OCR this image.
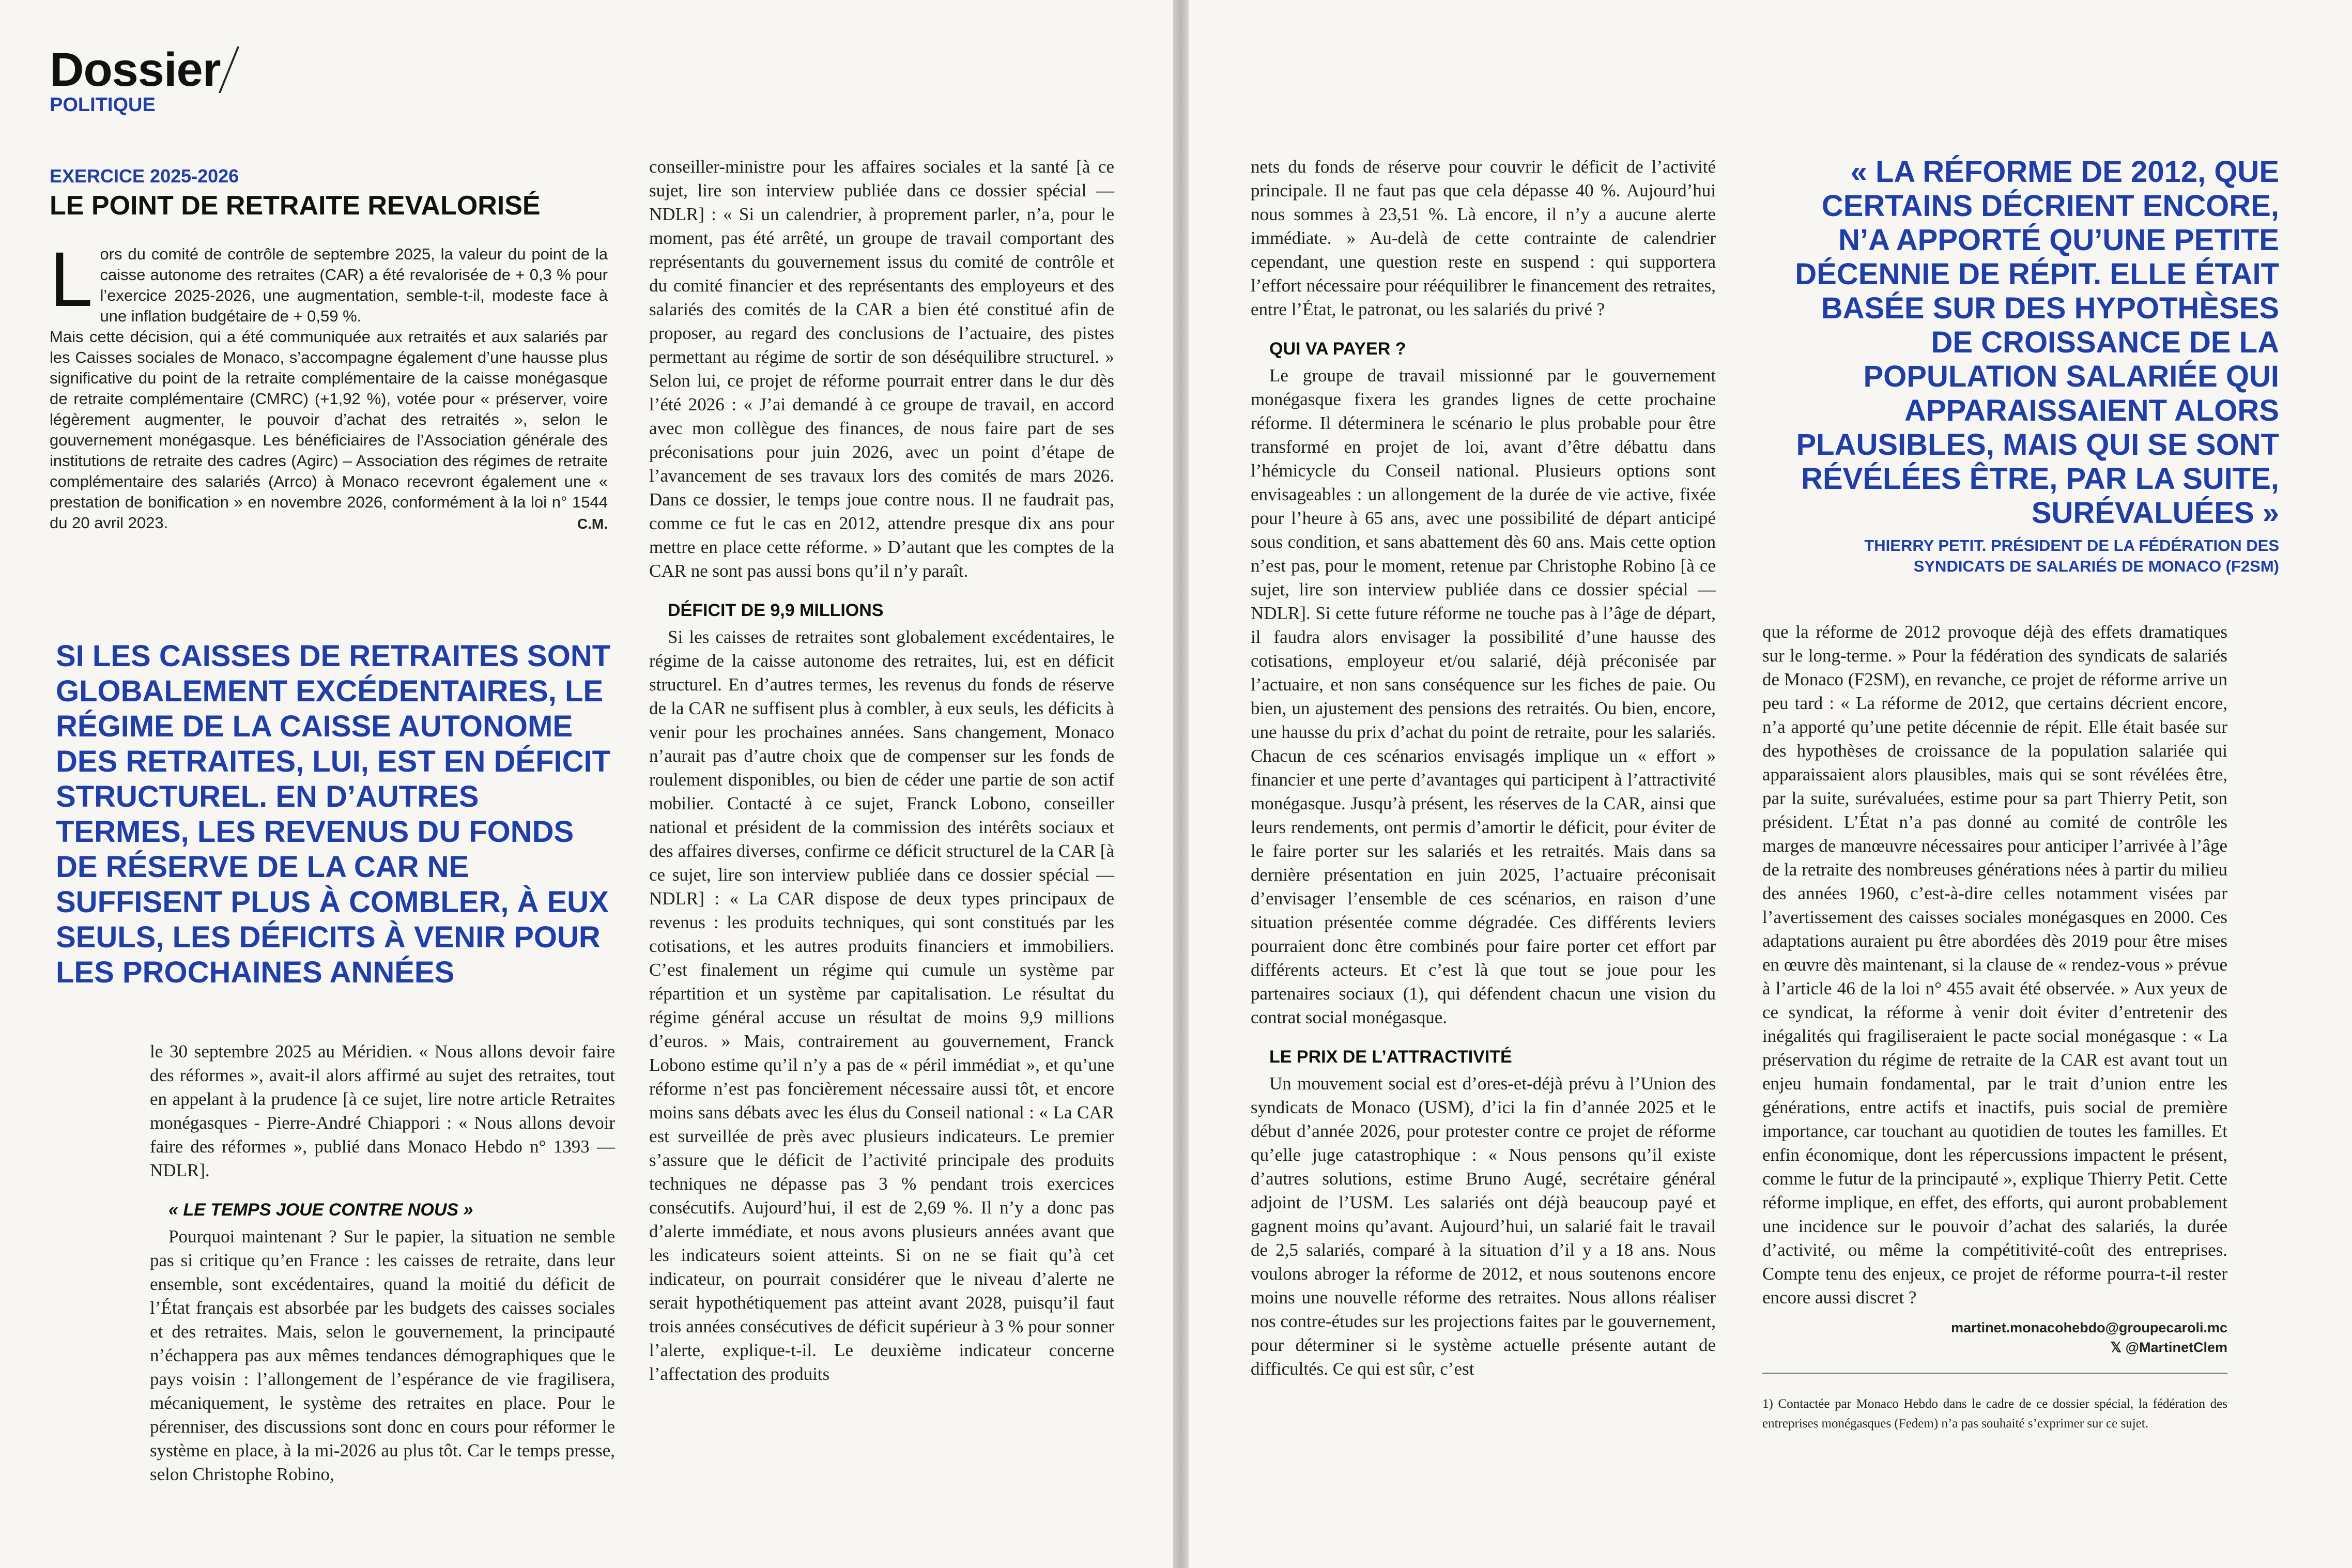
Dossier
POLITIQUE
EXERCICE 2025-2026
LE POINT DE RETRAITE REVALORISÉ
L ors du comité de contrôle de septembre 2025, la valeur du point de la caisse autonome des retraites (CAR) a été revalorisée de + 0,3 % pour l’exercice 2025-2026, une augmentation, semble-t-il, modeste face à une inflation budgétaire de + 0,59 %.
Mais cette décision, qui a été communiquée aux retraités et aux salariés par les Caisses sociales de Monaco, s’accompagne également d’une hausse plus significative du point de la retraite complémentaire de la caisse monégasque de retraite complémentaire (CMRC) (+1,92 %), votée pour « préserver, voire légèrement augmenter, le pouvoir d’achat des retraités », selon le gouvernement monégasque. Les bénéficiaires de l’Association générale des institutions de retraite des cadres (Agirc) – Association des régimes de retraite complémentaire des salariés (Arrco) à Monaco recevront également une « prestation de bonification » en novembre 2026, conformément à la loi n° 1544 du 20 avril 2023.	C.M.
SI LES CAISSES DE RETRAITES SONT GLOBALEMENT EXCÉDENTAIRES, LE RÉGIME DE LA CAISSE AUTONOME DES RETRAITES, LUI, EST EN DÉFICIT STRUCTUREL. EN D’AUTRES TERMES, LES REVENUS DU FONDS DE RÉSERVE DE LA CAR NE SUFFISENT PLUS À COMBLER, À EUX SEULS, LES DÉFICITS À VENIR POUR LES PROCHAINES ANNÉES

le 30 septembre 2025 au Méridien. « Nous allons devoir faire des réformes », avait-il alors affirmé au sujet des retraites, tout en appelant à la prudence [à ce sujet, lire notre article Retraites monégasques - Pierre-André Chiappori : « Nous allons devoir faire des réformes », publié dans Monaco Hebdo n° 1393 — NDLR].

« LE TEMPS JOUE CONTRE NOUS »

Pourquoi maintenant ? Sur le papier, la situation ne semble pas si critique qu’en France : les caisses de retraite, dans leur ensemble, sont excédentaires, quand la moitié du déficit de l’État français est absorbée par les budgets des caisses sociales et des retraites. Mais, selon le gouvernement, la principauté n’échappera pas aux mêmes tendances démographiques que le pays voisin : l’allongement de l’espérance de vie fragilisera, mécaniquement, le système des retraites en place. Pour le pérenniser, des discussions sont donc en cours pour réformer le système en place, à la mi-2026 au plus tôt. Car le temps presse, selon Christophe Robino,

conseiller-ministre pour les affaires sociales et la santé [à ce sujet, lire son interview publiée dans ce dossier spécial — NDLR] : « Si un calendrier, à proprement parler, n’a, pour le moment, pas été arrêté, un groupe de travail comportant des représentants du gouvernement issus du comité de contrôle et du comité financier et des représentants des employeurs et des salariés des comités de la CAR a bien été constitué afin de proposer, au regard des conclusions de l’actuaire, des pistes permettant au régime de sortir de son déséquilibre structurel. » Selon lui, ce projet de réforme pourrait entrer dans le dur dès l’été 2026 : « J’ai demandé à ce groupe de travail, en accord avec mon collègue des finances, de nous faire part de ses préconisations pour juin 2026, avec un point d’étape de l’avancement de ses travaux lors des comités de mars 2026. Dans ce dossier, le temps joue contre nous. Il ne faudrait pas, comme ce fut le cas en 2012, attendre presque dix ans pour mettre en place cette réforme. » D’autant que les comptes de la CAR ne sont pas aussi bons qu’il n’y paraît.

DÉFICIT DE 9,9 MILLIONS

Si les caisses de retraites sont globalement excédentaires, le régime de la caisse autonome des retraites, lui, est en déficit structurel. En d’autres termes, les revenus du fonds de réserve de la CAR ne suffisent plus à combler, à eux seuls, les déficits à venir pour les prochaines années. Sans changement, Monaco n’aurait pas d’autre choix que de compenser sur les fonds de roulement disponibles, ou bien de céder une partie de son actif mobilier. Contacté à ce sujet, Franck Lobono, conseiller national et président de la commission des intérêts sociaux et des affaires diverses, confirme ce déficit structurel de la CAR [à ce sujet, lire son interview publiée dans ce dossier spécial — NDLR] : « La CAR dispose de deux types principaux de revenus : les produits techniques, qui sont constitués par les cotisations, et les autres produits financiers et immobiliers. C’est finalement un régime qui cumule un système par répartition et un système par capitalisation. Le résultat du régime général accuse un résultat de moins 9,9 millions d’euros. » Mais, contrairement au gouvernement, Franck Lobono estime qu’il n’y a pas de « péril immédiat », et qu’une réforme n’est pas foncièrement nécessaire aussi tôt, et encore moins sans débats avec les élus du Conseil national : « La CAR est surveillée de près avec plusieurs indicateurs. Le premier s’assure que le déficit de l’activité principale des produits techniques ne dépasse pas 3 % pendant trois exercices consécutifs. Aujourd’hui, il est de 2,69 %. Il n’y a donc pas d’alerte immédiate, et nous avons plusieurs années avant que les indicateurs soient atteints. Si on ne se fiait qu’à cet indicateur, on pourrait considérer que le niveau d’alerte ne serait hypothétiquement pas atteint avant 2028, puisqu’il faut trois années consécutives de déficit supérieur à 3 % pour sonner l’alerte, explique-t-il. Le deuxième indicateur concerne l’affectation des produits

nets du fonds de réserve pour couvrir le déficit de l’activité principale. Il ne faut pas que cela dépasse 40 %. Aujourd’hui nous sommes à 23,51 %. Là encore, il n’y a aucune alerte immédiate. » Au-delà de cette contrainte de calendrier cependant, une question reste en suspend : qui supportera l’effort nécessaire pour rééquilibrer le financement des retraites, entre l’État, le patronat, ou les salariés du privé ?

QUI VA PAYER ?

Le groupe de travail missionné par le gouvernement monégasque fixera les grandes lignes de cette prochaine réforme. Il déterminera le scénario le plus probable pour être transformé en projet de loi, avant d’être débattu dans l’hémicycle du Conseil national. Plusieurs options sont envisageables : un allongement de la durée de vie active, fixée pour l’heure à 65 ans, avec une possibilité de départ anticipé sous condition, et sans abattement dès 60 ans. Mais cette option n’est pas, pour le moment, retenue par Christophe Robino [à ce sujet, lire son interview publiée dans ce dossier spécial — NDLR]. Si cette future réforme ne touche pas à l’âge de départ, il faudra alors envisager la possibilité d’une hausse des cotisations, employeur et/ou salarié, déjà préconisée par l’actuaire, et non sans conséquence sur les fiches de paie. Ou bien, un ajustement des pensions des retraités. Ou bien, encore, une hausse du prix d’achat du point de retraite, pour les salariés. Chacun de ces scénarios envisagés implique un « effort » financier et une perte d’avantages qui participent à l’attractivité monégasque. Jusqu’à présent, les réserves de la CAR, ainsi que leurs rendements, ont permis d’amortir le déficit, pour éviter de le faire porter sur les salariés et les retraités. Mais dans sa dernière présentation en juin 2025, l’actuaire préconisait d’envisager l’ensemble de ces scénarios, en raison d’une situation présentée comme dégradée. Ces différents leviers pourraient donc être combinés pour faire porter cet effort par différents acteurs. Et c’est là que tout se joue pour les partenaires sociaux (1), qui défendent chacun une vision du contrat social monégasque.

LE PRIX DE L’ATTRACTIVITÉ

Un mouvement social est d’ores-et-déjà prévu à l’Union des syndicats de Monaco (USM), d’ici la fin d’année 2025 et le début d’année 2026, pour protester contre ce projet de réforme qu’elle juge catastrophique : « Nous pensons qu’il existe d’autres solutions, estime Bruno Augé, secrétaire général adjoint de l’USM. Les salariés ont déjà beaucoup payé et gagnent moins qu’avant. Aujourd’hui, un salarié fait le travail de 2,5 salariés, comparé à la situation d’il y a 18 ans. Nous voulons abroger la réforme de 2012, et nous soutenons encore moins une nouvelle réforme des retraites. Nous allons réaliser nos contre-études sur les projections faites par le gouvernement, pour déterminer si le système actuelle présente autant de difficultés. Ce qui est sûr, c’est

« LA RÉFORME DE 2012, QUE CERTAINS DÉCRIENT ENCORE, N’A APPORTÉ QU’UNE PETITE DÉCENNIE DE RÉPIT. ELLE ÉTAIT BASÉE SUR DES HYPOTHÈSES DE CROISSANCE DE LA POPULATION SALARIÉE QUI APPARAISSAIENT ALORS PLAUSIBLES, MAIS QUI SE SONT RÉVÉLÉES ÊTRE, PAR LA SUITE, SURÉVALUÉES »
THIERRY PETIT. PRÉSIDENT DE LA FÉDÉRATION DES SYNDICATS DE SALARIÉS DE MONACO (F2SM)

que la réforme de 2012 provoque déjà des effets dramatiques sur le long-terme. » Pour la fédération des syndicats de salariés de Monaco (F2SM), en revanche, ce projet de réforme arrive un peu tard : « La réforme de 2012, que certains décrient encore, n’a apporté qu’une petite décennie de répit. Elle était basée sur des hypothèses de croissance de la population salariée qui apparaissaient alors plausibles, mais qui se sont révélées être, par la suite, surévaluées, estime pour sa part Thierry Petit, son président. L’État n’a pas donné au comité de contrôle les marges de manœuvre nécessaires pour anticiper l’arrivée à l’âge de la retraite des nombreuses générations nées à partir du milieu des années 1960, c’est-à-dire celles notamment visées par l’avertissement des caisses sociales monégasques en 2000. Ces adaptations auraient pu être abordées dès 2019 pour être mises en œuvre dès maintenant, si la clause de « rendez-vous » prévue à l’article 46 de la loi n° 455 avait été observée. » Aux yeux de ce syndicat, la réforme à venir doit éviter d’entretenir des inégalités qui fragiliseraient le pacte social monégasque : « La préservation du régime de retraite de la CAR est avant tout un enjeu humain fondamental, par le trait d’union entre les générations, entre actifs et inactifs, puis social de première importance, car touchant au quotidien de toutes les familles. Et enfin économique, dont les répercussions impactent le présent, comme le futur de la principauté », explique Thierry Petit. Cette réforme implique, en effet, des efforts, qui auront probablement une incidence sur le pouvoir d’achat des salariés, la durée d’activité, ou même la compétitivité-coût des entreprises. Compte tenu des enjeux, ce projet de réforme pourra-t-il rester encore aussi discret ?

martinet.monacohebdo@groupecaroli.mc
𝕏 @MartinetClem
1) Contactée par Monaco Hebdo dans le cadre de ce dossier spécial, la fédération des entreprises monégasques (Fedem) n’a pas souhaité s’exprimer sur ce sujet.
